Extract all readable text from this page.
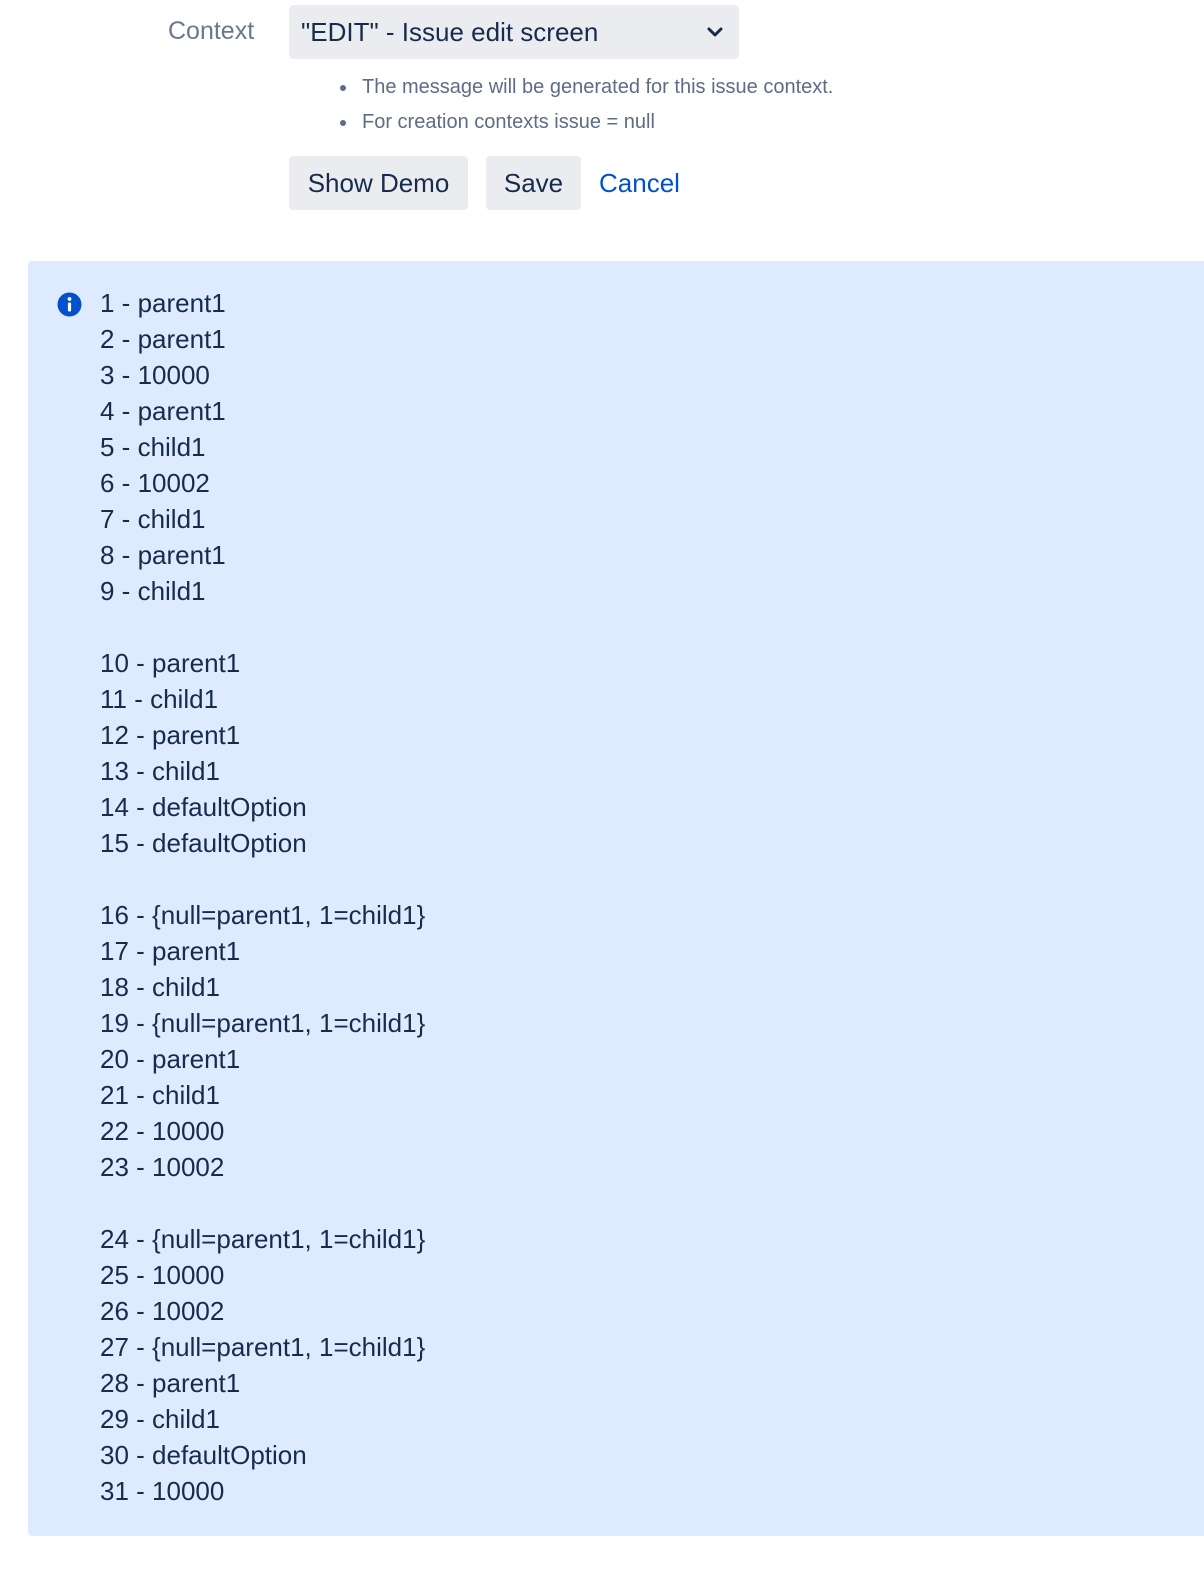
Context "EDIT" - Issue edit screen
The message will be generated for this issue context.
For creation contexts issue = null
Show Demo	Save	Cancel
1 - parent1
2 - parent1
3 - 10000
4 - parent1
5 - child1
6 - 10002
7 - child1
8 - parent1
9 - child1
10 - parent1
11 - child1
12 - parent1
13 - child1
14 - defaultOption
15 - defaultOption
16 - {null=parent1, 1=child1}
17 - parent1
18 - child1
19 - {null=parent1, 1=child1}
20 - parent1
21 - child1
22 - 10000
23 - 10002
24 - {null=parent1, 1=child1}
25 - 10000
26 - 10002
27 - {null=parent1, 1=child1}
28 - parent1
29 - child1
30 - defaultOption
31 - 10000
